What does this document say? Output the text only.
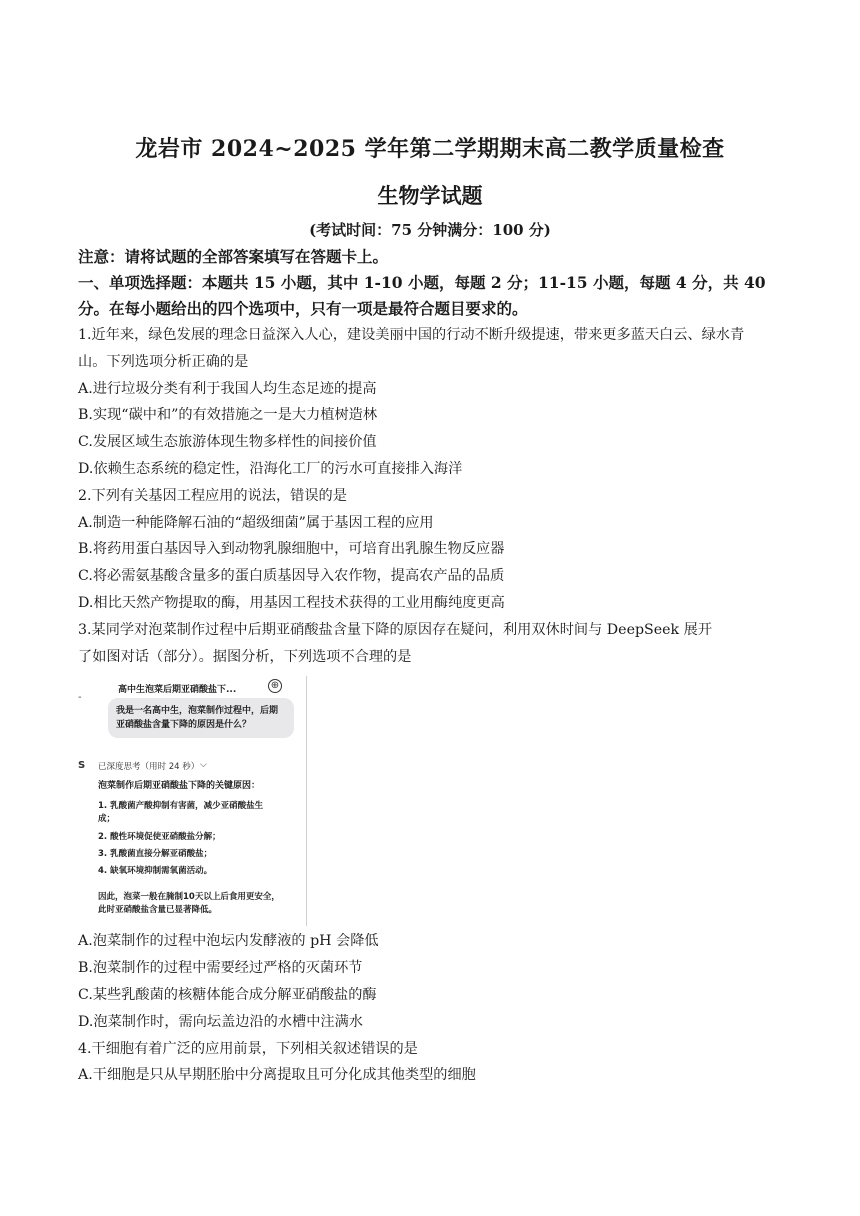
龙岩市 2024~2025 学年第二学期期末高二教学质量检查
生物学试题
(考试时间：75 分钟满分：100 分)
注意：请将试题的全部答案填写在答题卡上。
一、单项选择题：本题共 15 小题，其中 1-10 小题，每题 2 分；11-15 小题，每题 4 分，共 40
分。在每小题给出的四个选项中，只有一项是最符合题目要求的。
1.近年来，绿色发展的理念日益深入人心，建设美丽中国的行动不断升级提速，带来更多蓝天白云、绿水青
山。下列选项分析正确的是
A.进行垃圾分类有利于我国人均生态足迹的提高
B.实现“碳中和”的有效措施之一是大力植树造林
C.发展区域生态旅游体现生物多样性的间接价值
D.依赖生态系统的稳定性，沿海化工厂的污水可直接排入海洋
2.下列有关基因工程应用的说法，错误的是
A.制造一种能降解石油的“超级细菌”属于基因工程的应用
B.将药用蛋白基因导入到动物乳腺细胞中，可培育出乳腺生物反应器
C.将必需氨基酸含量多的蛋白质基因导入农作物，提高农产品的品质
D.相比天然产物提取的酶，用基因工程技术获得的工业用酶纯度更高
3.某同学对泡菜制作过程中后期亚硝酸盐含量下降的原因存在疑问，利用双休时间与 DeepSeek 展开
了如图对话（部分）。据图分析，下列选项不合理的是
-
高中生泡菜后期亚硝酸盐下...	⊕
我是一名高中生，泡菜制作过程中，后期亚硝酸盐含量下降的原因是什么？
S 已深度思考（用时 24 秒） ⌵
泡菜制作后期亚硝酸盐下降的关键原因：
1. 乳酸菌产酸抑制有害菌，减少亚硝酸盐生成；
2. 酸性环境促使亚硝酸盐分解；
3. 乳酸菌直接分解亚硝酸盐；
4. 缺氧环境抑制需氧菌活动。
因此，泡菜一般在腌制10天以上后食用更安全，此时亚硝酸盐含量已显著降低。
A.泡菜制作的过程中泡坛内发酵液的 pH 会降低
B.泡菜制作的过程中需要经过严格的灭菌环节
C.某些乳酸菌的核糖体能合成分解亚硝酸盐的酶
D.泡菜制作时，需向坛盖边沿的水槽中注满水
4.干细胞有着广泛的应用前景，下列相关叙述错误的是
A.干细胞是只从早期胚胎中分离提取且可分化成其他类型的细胞
